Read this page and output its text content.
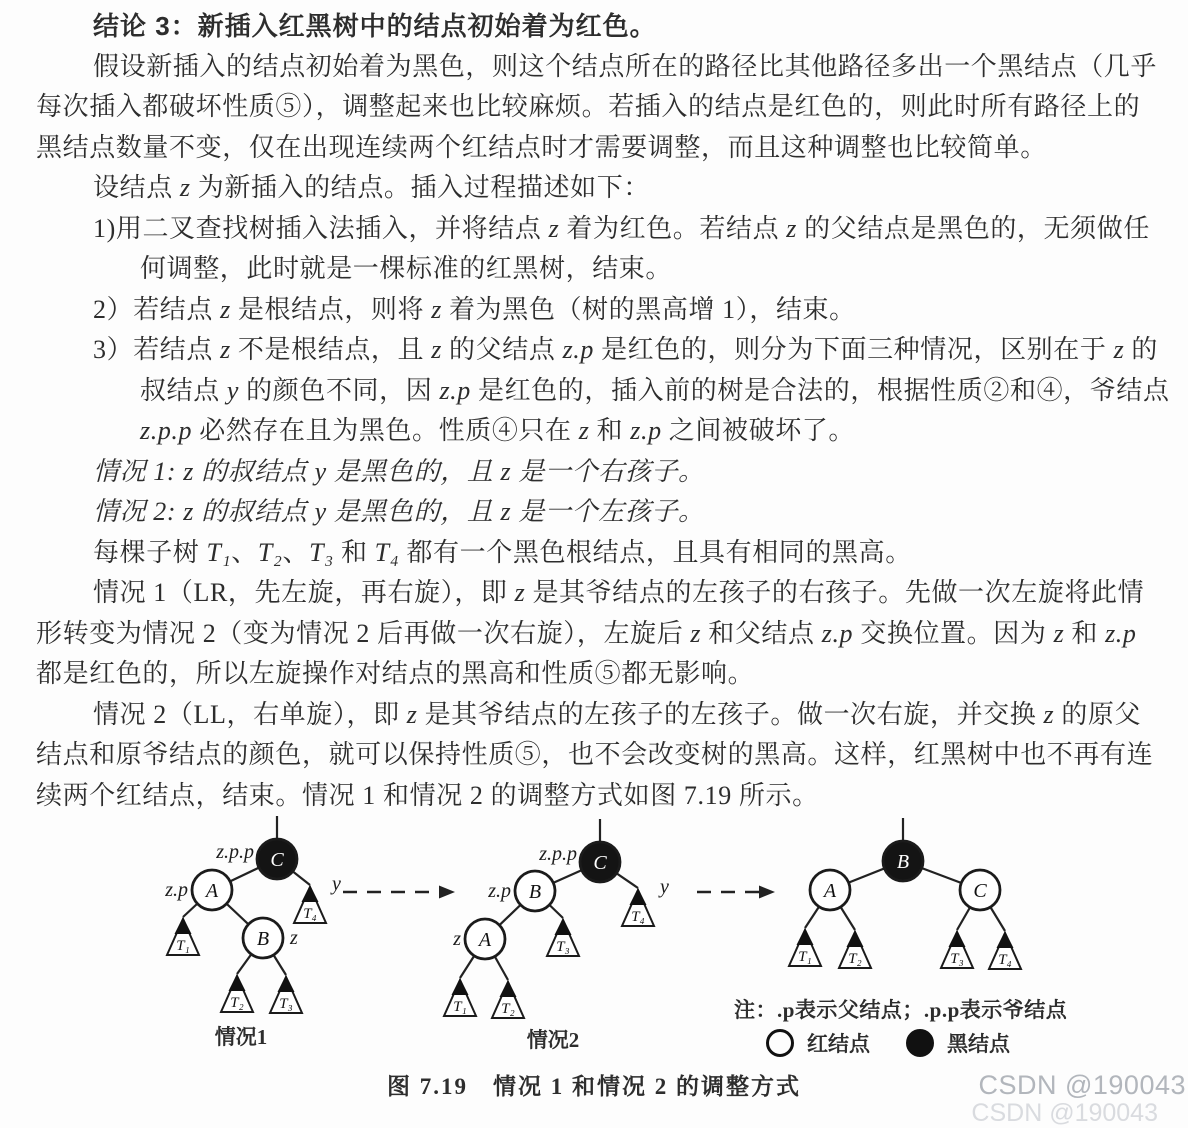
结论 3：新插入红黑树中的结点初始着为红色。
假设新插入的结点初始着为黑色，则这个结点所在的路径比其他路径多出一个黑结点（几乎
每次插入都破坏性质⑤），调整起来也比较麻烦。若插入的结点是红色的，则此时所有路径上的
黑结点数量不变，仅在出现连续两个红结点时才需要调整，而且这种调整也比较简单。
设结点 z 为新插入的结点。插入过程描述如下：
1)用二叉查找树插入法插入，并将结点 z 着为红色。若结点 z 的父结点是黑色的，无须做任
何调整，此时就是一棵标准的红黑树，结束。
2）若结点 z 是根结点，则将 z 着为黑色（树的黑高增 1），结束。
3）若结点 z 不是根结点，且 z 的父结点 z.p 是红色的，则分为下面三种情况，区别在于 z 的
叔结点 y 的颜色不同，因 z.p 是红色的，插入前的树是合法的，根据性质②和④，爷结点
z.p.p 必然存在且为黑色。性质④只在 z 和 z.p 之间被破坏了。
情况 1: z 的叔结点 y 是黑色的，且 z 是一个右孩子。
情况 2: z 的叔结点 y 是黑色的，且 z 是一个左孩子。
每棵子树 T₁、T₂、T₃ 和 T₄ 都有一个黑色根结点，且具有相同的黑高。
情况 1（LR，先左旋，再右旋），即 z 是其爷结点的左孩子的右孩子。先做一次左旋将此情
形转变为情况 2（变为情况 2 后再做一次右旋），左旋后 z 和父结点 z.p 交换位置。因为 z 和 z.p
都是红色的，所以左旋操作对结点的黑高和性质⑤都无影响。
情况 2（LL，右单旋），即 z 是其爷结点的左孩子的左孩子。做一次右旋，并交换 z 的原父
结点和原爷结点的颜色，就可以保持性质⑤，也不会改变树的黑高。这样，红黑树中也不再有连
续两个红结点，结束。情况 1 和情况 2 的调整方式如图 7.19 所示。
C
z.p.p
A
z.p
B z
T₄
y
T₁
T₂ T₃
C
z.p.p
B
z.p
A
z
T₄
y
T₃
T₁ T₂
B
A	C
T₁ T₂	T₃ T₄
情况1	情况2
注：.p表示父结点；.p.p表示爷结点
红结点	黑结点
图 7.19　情况 1 和情况 2 的调整方式	CSDN @190043
CSDN @190043
